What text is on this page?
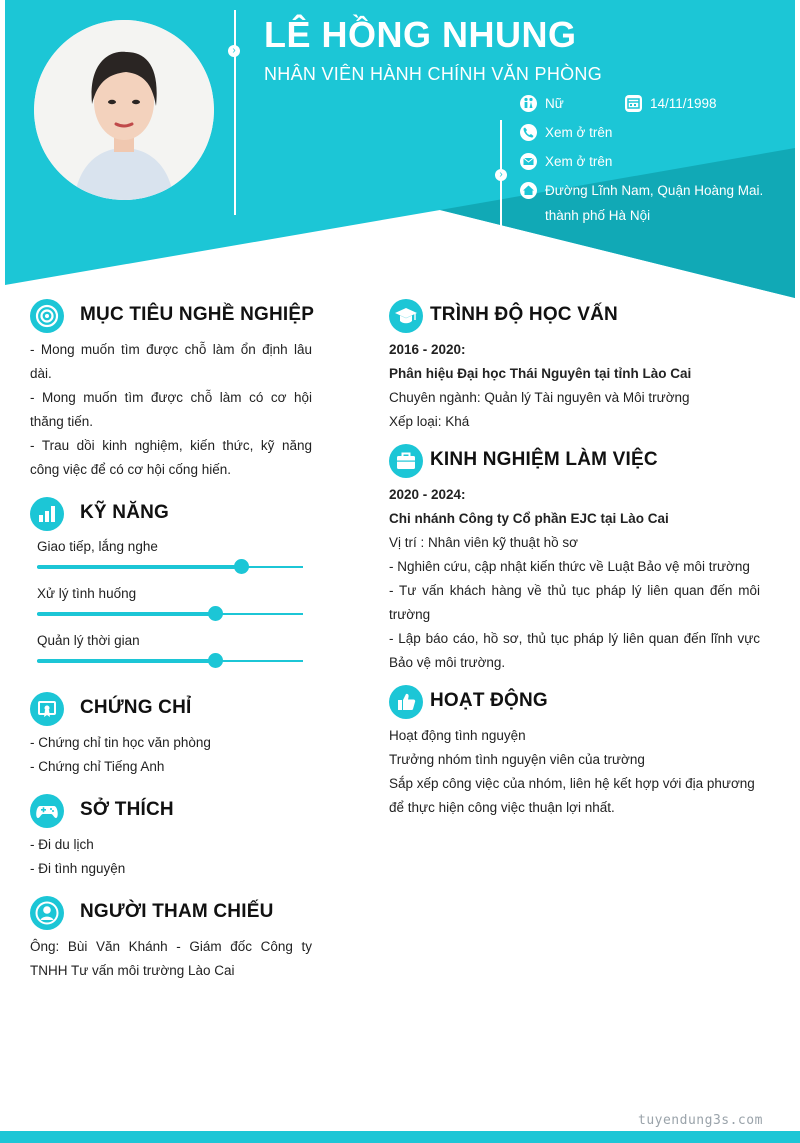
›
›
LÊ HỒNG NHUNG
NHÂN VIÊN HÀNH CHÍNH VĂN PHÒNG
Nữ	14/11/1998
Xem ở trên
Xem ở trên
Đường Lĩnh Nam, Quận Hoàng Mai.
thành phố Hà Nội
MỤC TIÊU NGHỀ NGHIỆP
- Mong muốn tìm được chỗ làm ổn định lâu dài.
- Mong muốn tìm được chỗ làm có cơ hội thăng tiến.
- Trau dồi kinh nghiệm, kiến thức, kỹ năng công việc để có cơ hội cống hiến.
KỸ NĂNG
Giao tiếp, lắng nghe
Xử lý tình huống
Quản lý thời gian
CHỨNG CHỈ
- Chứng chỉ tin học văn phòng
- Chứng chỉ Tiếng Anh
SỞ THÍCH
- Đi du lịch
- Đi tình nguyện
NGƯỜI THAM CHIẾU
Ông: Bùi Văn Khánh - Giám đốc Công ty TNHH Tư vấn môi trường Lào Cai
TRÌNH ĐỘ HỌC VẤN
2016 - 2020:
Phân hiệu Đại học Thái Nguyên tại tỉnh Lào Cai
Chuyên ngành: Quản lý Tài nguyên và Môi trường
Xếp loại: Khá
KINH NGHIỆM LÀM VIỆC
2020 - 2024:
Chi nhánh Công ty Cổ phần EJC tại Lào Cai
Vị trí : Nhân viên kỹ thuật hồ sơ
- Nghiên cứu, cập nhật kiến thức về Luật Bảo vệ môi trường
- Tư vấn khách hàng về thủ tục pháp lý liên quan đến môi trường
- Lập báo cáo, hồ sơ, thủ tục pháp lý liên quan đến lĩnh vực Bảo vệ môi trường.
HOẠT ĐỘNG
Hoạt động tình nguyện
Trưởng nhóm tình nguyện viên của trường
Sắp xếp công việc của nhóm, liên hệ kết hợp với địa phương để thực hiện công việc thuận lợi nhất.
tuyendung3s.com
